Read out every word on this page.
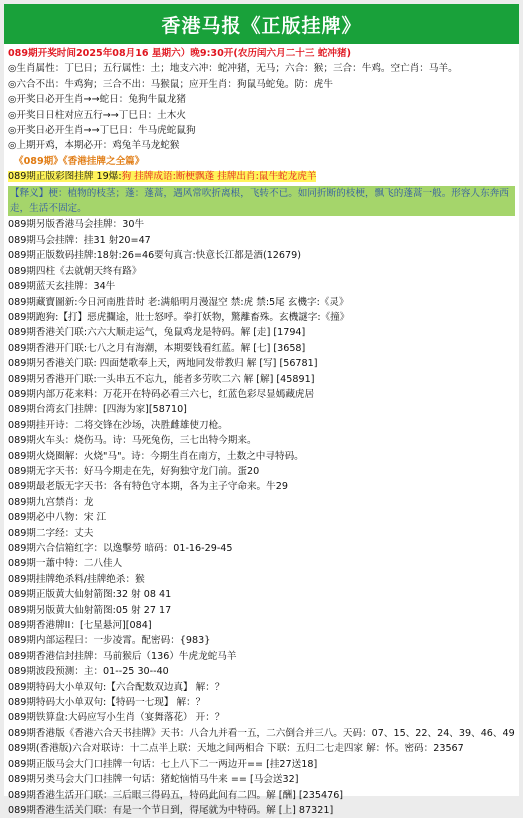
香港马报《正版挂牌》
089期开奖时间2025年08月16 星期六）晚9:30开(农历闰六月二十三 蛇冲猪)
◎生肖属性：丁巳日；五行属性：土；地支六冲：蛇冲猪，无马；六合：猴；三合：牛鸡。空亡肖：马羊。
◎六合不出：牛鸡狗；三合不出：马猴鼠；应开生肖：狗鼠马蛇兔。防：虎牛
◎开奖日必开生肖→→蛇日：兔狗牛鼠龙猪
◎开奖日日柱对应五行→→丁巳日：土木火
◎开奖日必开生肖→→丁巳日：牛马虎蛇鼠狗
◎上期开鸡，本期必开：鸡兔羊马龙蛇猴
《089期》《香港挂牌之全篇》
089期正版彩图挂牌 19爆:狗 挂牌成语:断梗飘蓬 挂牌出肖:鼠牛蛇龙虎羊
【释义】梗：植物的枝茎；蓬：蓬蒿，遇风常吹折离根，飞转不已。如同折断的枝梗，飘飞的蓬蒿一般。形容人东奔西走，生活不固定。
089期另版香港马会挂牌：30牛
089期马会挂牌：挂31 射20=47
089期正版数码挂牌:18射:26=46要句真言:快意长江都是酒(12679)
089期四柱《去就朝天终有路》
089期蓝天玄挂牌：34牛
089期藏寶圖新:今日河南胜昔时 老:满船明月漫湿空 禁:虎 禁:5尾 玄機字:《灵》
089期跑狗:【打】惡虎攔途，壯士怒呼。拳打妖物，驚離畜殊。玄機謎字:《撞》
089期香港关门联:六六大顺走运气，兔鼠鸡龙是特码。解 [走] [1794]
089期香港开门联:七八之月有海潮，本期要钱看红蓝。解 [七] [3658]
089期另香港关门联: 四面楚歌奉上天，两地同发带教归 解 [写] [56781]
089期另香港开门联:一头串五不忘九，能者多劳吹二六 解 [解] [45891]
089期内部万花来料：万花开在特码必看三六七，红蓝色彩尽显嫣藏虎居
089期台湾玄门挂牌：[四海为家][58710]
089期挂开诗：二将交锋在沙场，决胜雌雄使刀枪。
089期火车头：烧伤马。诗：马死兔伤，三七出特今期来。
089期火烧圈解：火烧"马"。诗：今期生肖在南方，土数之中寻特码。
089期无字天书：好马今期走在先，好狗独守龙门前。蛋20
089期最老版无字天书：各有特色守本期，各为主子守命来。牛29
089期九宫禁肖：龙
089期必中八物：宋 江
089期二字经：丈夫
089期六合信箱红字：以逸擊勞 暗码：01-16-29-45
089期一蕭中特：二八佳人
089期挂牌绝杀料/挂牌绝杀：猴
089期正版黄大仙射箭图:32 射 08 41
089期另版黄大仙射箭图:05 射 27 17
089期香港牌II：[七星悬河][084]
089期内部运程曰：一步凌霄。配密码：{983}
089期香港信封挂牌：马前猴后（136）牛虎龙蛇马羊
089期波段预测：主：01--25 30--40
089期特码大小单双句:【六合配数双边真】 解：？
089期特码大小单双句:【特码一七现】 解：？
089期铁算盘:大码应写小生肖（宴舞落花） 开：？
089期香港版《香港六合天书挂牌》天书：八合九并看一五，二六倒合并三八。天码：07、15、22、24、39、46、49
089期(香港版)六合对联诗：十二点半上联：天地之间两相合 下联：五归二七走四家 解：怀。密码：23567
089期正版马会大门口挂牌一句话：七上八下二一两边开== [挂27送18]
089期另类马会大门口挂牌一句话：猪蛇恼悄马牛来 == [马会送32]
089期香港生活开门联：三后眼三得码五，特码此间有二四。解 [酬] [235476]
089期香港生活关门联：有是一个节日到，得尾就为中特码。解 [上] 87321]
